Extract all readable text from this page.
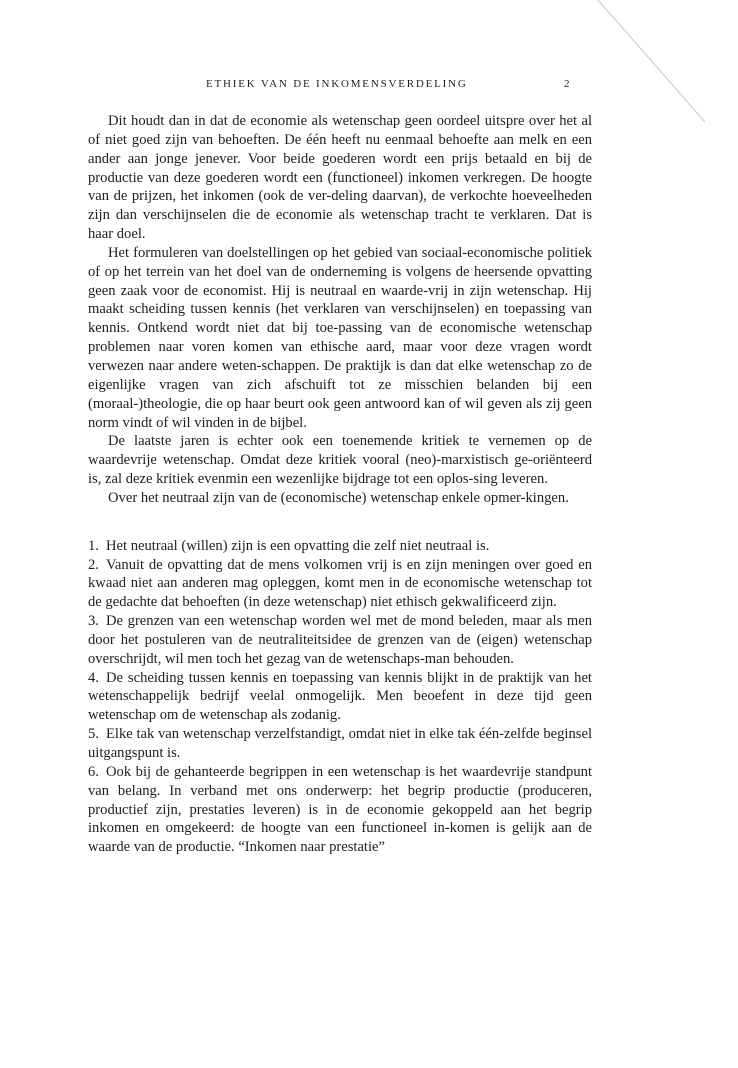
ETHIEK VAN DE INKOMENSVERDELING	2

Dit houdt dan in dat de economie als wetenschap geen oordeel uitspre over het al of niet goed zijn van behoeften. De één heeft nu eenmaal behoefte aan melk en een ander aan jonge jenever. Voor beide goederen wordt een prijs betaald en bij de productie van deze goederen wordt een (functioneel) inkomen verkregen. De hoogte van de prijzen, het inkomen (ook de ver-deling daarvan), de verkochte hoeveelheden zijn dan verschijnselen die de economie als wetenschap tracht te verklaren. Dat is haar doel.

Het formuleren van doelstellingen op het gebied van sociaal-economische politiek of op het terrein van het doel van de onderneming is volgens de heersende opvatting geen zaak voor de economist. Hij is neutraal en waarde-vrij in zijn wetenschap. Hij maakt scheiding tussen kennis (het verklaren van verschijnselen) en toepassing van kennis. Ontkend wordt niet dat bij toe-passing van de economische wetenschap problemen naar voren komen van ethische aard, maar voor deze vragen wordt verwezen naar andere weten-schappen. De praktijk is dan dat elke wetenschap zo de eigenlijke vragen van zich afschuift tot ze misschien belanden bij een (moraal-)theologie, die op haar beurt ook geen antwoord kan of wil geven als zij geen norm vindt of wil vinden in de bijbel.

De laatste jaren is echter ook een toenemende kritiek te vernemen op de waardevrije wetenschap. Omdat deze kritiek vooral (neo)-marxistisch ge-oriënteerd is, zal deze kritiek evenmin een wezenlijke bijdrage tot een oplos-sing leveren.

Over het neutraal zijn van de (economische) wetenschap enkele opmer-kingen.

1. Het neutraal (willen) zijn is een opvatting die zelf niet neutraal is.

2. Vanuit de opvatting dat de mens volkomen vrij is en zijn meningen over goed en kwaad niet aan anderen mag opleggen, komt men in de economische wetenschap tot de gedachte dat behoeften (in deze wetenschap) niet ethisch gekwalificeerd zijn.

3. De grenzen van een wetenschap worden wel met de mond beleden, maar als men door het postuleren van de neutraliteitsidee de grenzen van de (eigen) wetenschap overschrijdt, wil men toch het gezag van de wetenschaps-man behouden.

4. De scheiding tussen kennis en toepassing van kennis blijkt in de praktijk van het wetenschappelijk bedrijf veelal onmogelijk. Men beoefent in deze tijd geen wetenschap om de wetenschap als zodanig.

5. Elke tak van wetenschap verzelfstandigt, omdat niet in elke tak één-zelfde beginsel uitgangspunt is.

6. Ook bij de gehanteerde begrippen in een wetenschap is het waardevrije standpunt van belang. In verband met ons onderwerp: het begrip productie (produceren, productief zijn, prestaties leveren) is in de economie gekoppeld aan het begrip inkomen en omgekeerd: de hoogte van een functioneel in-komen is gelijk aan de waarde van de productie. “Inkomen naar prestatie”
